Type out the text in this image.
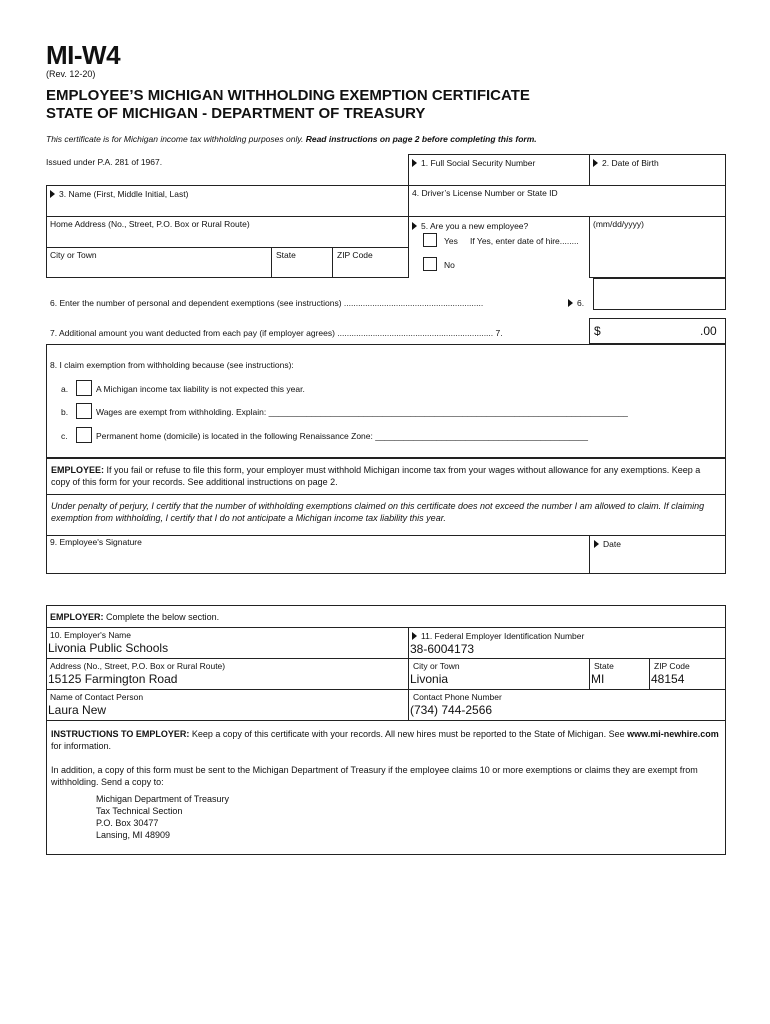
MI-W4
(Rev. 12-20)
EMPLOYEE’S MICHIGAN WITHHOLDING EXEMPTION CERTIFICATE
STATE OF MICHIGAN - DEPARTMENT OF TREASURY
This certificate is for Michigan income tax withholding purposes only. Read instructions on page 2 before completing this form.
Issued under P.A. 281 of 1967.	1. Full Social Security Number	2. Date of Birth
4. Driver’s License Number or State ID
3. Name (First, Middle Initial, Last)
Home Address (No., Street, P.O. Box or Rural Route)
City or Town	State	ZIP Code
(mm/dd/yyyy)
5. Are you a new employee?
Yes If Yes, enter date of hire........
No
6. Enter the number of personal and dependent exemptions (see instructions) ...........................................................	6.
7. Additional amount you want deducted from each pay (if employer agrees) .................................................................. 7.	$	.00
8. I claim exemption from withholding because (see instructions):
a.	A Michigan income tax liability is not expected this year.
b.	Wages are exempt from withholding. Explain: ____________________________________________________________________________
c.	Permanent home (domicile) is located in the following Renaissance Zone: _____________________________________________
EMPLOYEE: If you fail or refuse to file this form, your employer must withhold Michigan income tax from your wages without allowance for any exemptions. Keep a copy of this form for your records. See additional instructions on page 2.
Under penalty of perjury, I certify that the number of withholding exemptions claimed on this certificate does not exceed the number I am allowed to claim. If claiming exemption from withholding, I certify that I do not anticipate a Michigan income tax liability this year.
9. Employee's Signature	Date
EMPLOYER: Complete the below section.
10. Employer's Name
Livonia Public Schools
11. Federal Employer Identification Number
38-6004173
Address (No., Street, P.O. Box or Rural Route)
15125 Farmington Road
City or Town
Livonia
State
MI
ZIP Code
48154
Name of Contact Person
Laura New
Contact Phone Number
(734) 744-2566
INSTRUCTIONS TO EMPLOYER: Keep a copy of this certificate with your records. All new hires must be reported to the State of Michigan. See www.mi-newhire.com for information.
In addition, a copy of this form must be sent to the Michigan Department of Treasury if the employee claims 10 or more exemptions or claims they are exempt from withholding. Send a copy to:
Michigan Department of Treasury
Tax Technical Section
P.O. Box 30477
Lansing, MI 48909
